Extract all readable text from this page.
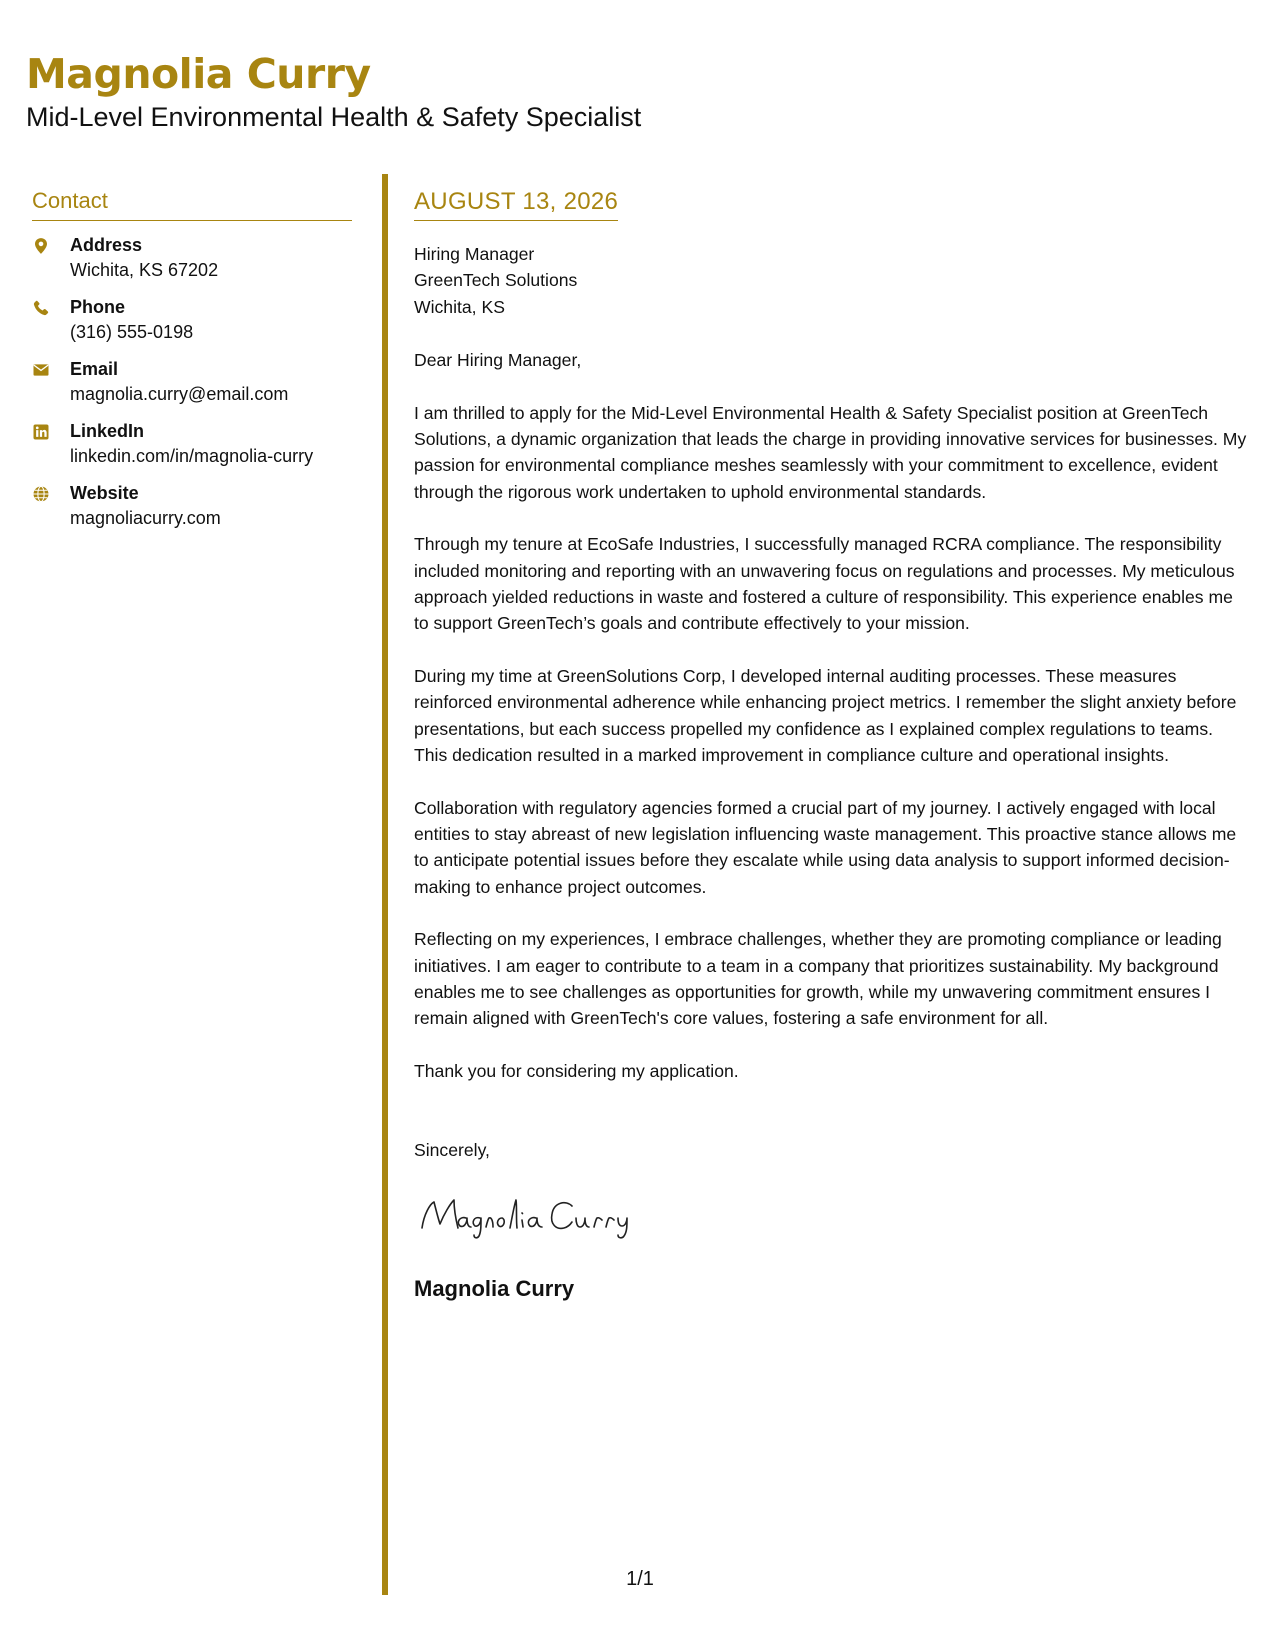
Magnolia Curry
Mid-Level Environmental Health & Safety Specialist
Contact
Address
Wichita, KS 67202
Phone
(316) 555-0198
Email
magnolia.curry@email.com
LinkedIn
linkedin.com/in/magnolia-curry
Website
magnoliacurry.com
AUGUST 13, 2026

Hiring Manager

GreenTech Solutions

Wichita, KS

Dear Hiring Manager,

I am thrilled to apply for the Mid-Level Environmental Health & Safety Specialist position at GreenTech Solutions, a dynamic organization that leads the charge in providing innovative services for businesses. My passion for environmental compliance meshes seamlessly with your commitment to excellence, evident through the rigorous work undertaken to uphold environmental standards.

Through my tenure at EcoSafe Industries, I successfully managed RCRA compliance. The responsibility included monitoring and reporting with an unwavering focus on regulations and processes. My meticulous approach yielded reductions in waste and fostered a culture of responsibility. This experience enables me to support GreenTech’s goals and contribute effectively to your mission.

During my time at GreenSolutions Corp, I developed internal auditing processes. These measures reinforced environmental adherence while enhancing project metrics. I remember the slight anxiety before presentations, but each success propelled my confidence as I explained complex regulations to teams. This dedication resulted in a marked improvement in compliance culture and operational insights.

Collaboration with regulatory agencies formed a crucial part of my journey. I actively engaged with local entities to stay abreast of new legislation influencing waste management. This proactive stance allows me to anticipate potential issues before they escalate while using data analysis to support informed decision-making to enhance project outcomes.

Reflecting on my experiences, I embrace challenges, whether they are promoting compliance or leading initiatives. I am eager to contribute to a team in a company that prioritizes sustainability. My background enables me to see challenges as opportunities for growth, while my unwavering commitment ensures I remain aligned with GreenTech's core values, fostering a safe environment for all.

Thank you for considering my application.

Sincerely,

Magnolia Curry
1/1
